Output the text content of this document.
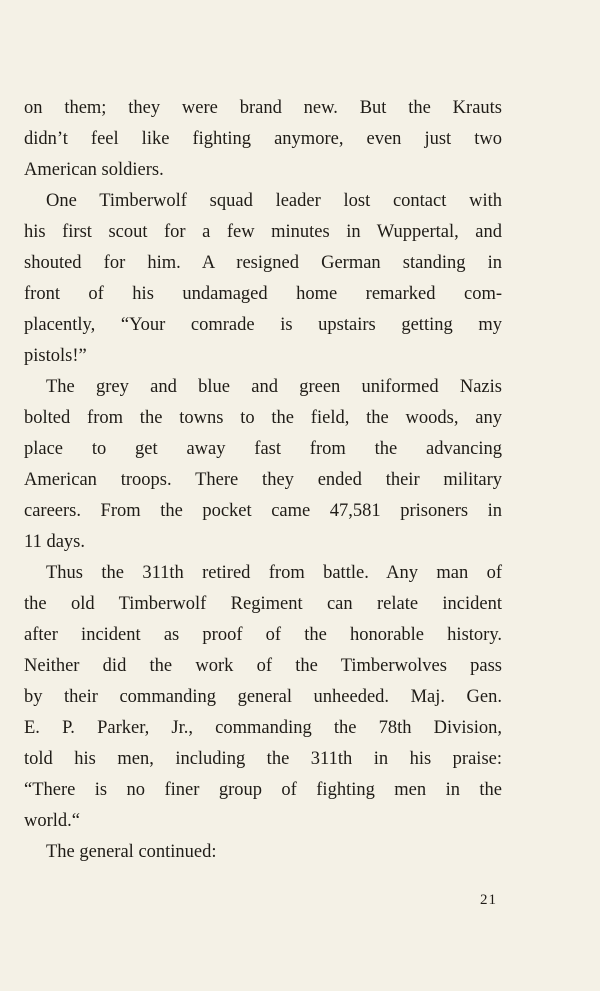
on them; they were brand new. But the Krauts
didn’t feel like fighting anymore, even just two
American soldiers.
One Timberwolf squad leader lost contact with
his first scout for a few minutes in Wuppertal, and
shouted for him. A resigned German standing in
front of his undamaged home remarked com-
placently, “Your comrade is upstairs getting my
pistols!”
The grey and blue and green uniformed Nazis
bolted from the towns to the field, the woods, any
place to get away fast from the advancing
American troops. There they ended their military
careers. From the pocket came 47,581 prisoners in
11 days.
Thus the 311th retired from battle. Any man of
the old Timberwolf Regiment can relate incident
after incident as proof of the honorable history.
Neither did the work of the Timberwolves pass
by their commanding general unheeded. Maj. Gen.
E. P. Parker, Jr., commanding the 78th Division,
told his men, including the 311th in his praise:
“There is no finer group of fighting men in the
world.“
The general continued:
21
